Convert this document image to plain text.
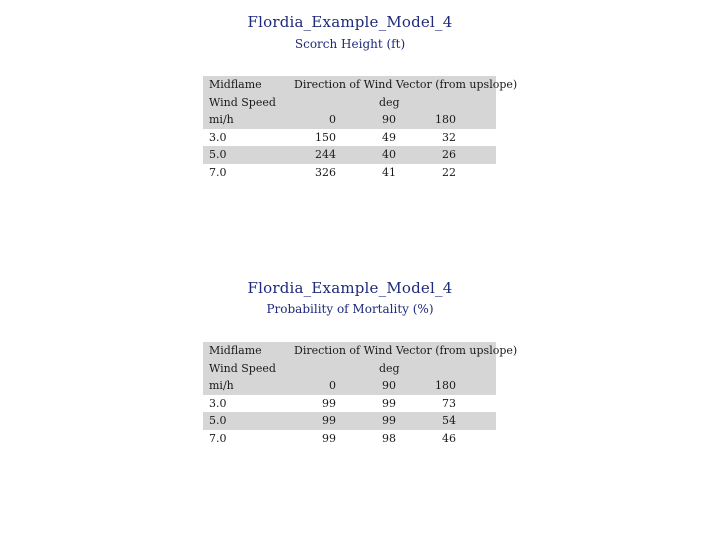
Flordia_Example_Model_4
Scorch Height (ft)
Midflame	Direction of Wind Vector (from upslope)
Wind Speed	deg
mi/h	0	90	180
3.0	150	49	32
5.0	244	40	26
7.0	326	41	22
Flordia_Example_Model_4
Probability of Mortality (%)
Midflame	Direction of Wind Vector (from upslope)
Wind Speed	deg
mi/h	0	90	180
3.0	99	99	73
5.0	99	99	54
7.0	99	98	46
